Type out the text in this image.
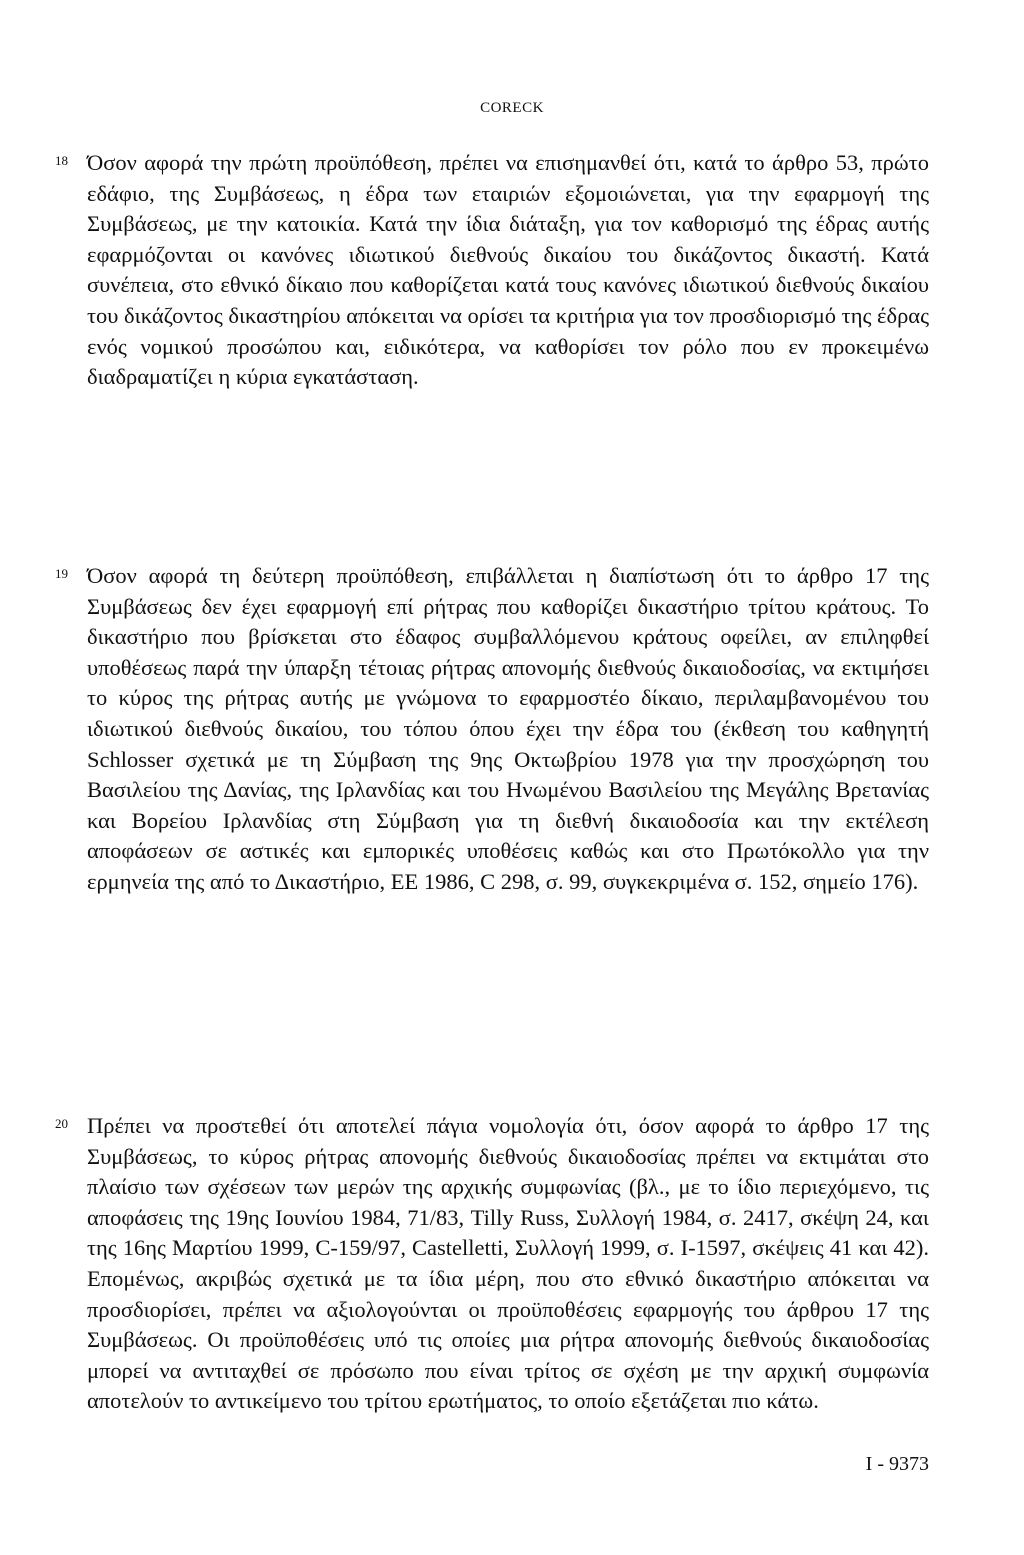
CORECK
18 Όσον αφορά την πρώτη προϋπόθεση, πρέπει να επισημανθεί ότι, κατά το άρθρο 53, πρώτο εδάφιο, της Συμβάσεως, η έδρα των εταιριών εξομοιώνεται, για την εφαρμογή της Συμβάσεως, με την κατοικία. Κατά την ίδια διάταξη, για τον καθορισμό της έδρας αυτής εφαρμόζονται οι κανόνες ιδιωτικού διεθνούς δικαίου του δικάζοντος δικαστή. Κατά συνέπεια, στο εθνικό δίκαιο που καθορίζεται κατά τους κανόνες ιδιωτικού διεθνούς δικαίου του δικάζοντος δικαστηρίου απόκειται να ορίσει τα κριτήρια για τον προσδιορισμό της έδρας ενός νομικού προσώπου και, ειδικότερα, να καθορίσει τον ρόλο που εν προκειμένω διαδραματίζει η κύρια εγκατάσταση.

19 Όσον αφορά τη δεύτερη προϋπόθεση, επιβάλλεται η διαπίστωση ότι το άρθρο 17 της Συμβάσεως δεν έχει εφαρμογή επί ρήτρας που καθορίζει δικαστήριο τρίτου κράτους. Το δικαστήριο που βρίσκεται στο έδαφος συμβαλλόμενου κράτους οφείλει, αν επιληφθεί υποθέσεως παρά την ύπαρξη τέτοιας ρήτρας απονομής διεθνούς δικαιοδοσίας, να εκτιμήσει το κύρος της ρήτρας αυτής με γνώμονα το εφαρμοστέο δίκαιο, περιλαμβανομένου του ιδιωτικού διεθνούς δικαίου, του τόπου όπου έχει την έδρα του (έκθεση του καθηγητή Schlosser σχετικά με τη Σύμβαση της 9ης Οκτωβρίου 1978 για την προσχώρηση του Βασιλείου της Δανίας, της Ιρλανδίας και του Ηνωμένου Βασιλείου της Μεγάλης Βρετανίας και Βορείου Ιρλανδίας στη Σύμβαση για τη διεθνή δικαιοδοσία και την εκτέλεση αποφάσεων σε αστικές και εμπορικές υποθέσεις καθώς και στο Πρωτόκολλο για την ερμηνεία της από το Δικαστήριο, ΕΕ 1986, C 298, σ. 99, συγκεκριμένα σ. 152, σημείο 176).

20 Πρέπει να προστεθεί ότι αποτελεί πάγια νομολογία ότι, όσον αφορά το άρθρο 17 της Συμβάσεως, το κύρος ρήτρας απονομής διεθνούς δικαιοδοσίας πρέπει να εκτιμάται στο πλαίσιο των σχέσεων των μερών της αρχικής συμφωνίας (βλ., με το ίδιο περιεχόμενο, τις αποφάσεις της 19ης Ιουνίου 1984, 71/83, Tilly Russ, Συλλογή 1984, σ. 2417, σκέψη 24, και της 16ης Μαρτίου 1999, C-159/97, Castelletti, Συλλογή 1999, σ. I-1597, σκέψεις 41 και 42). Επομένως, ακριβώς σχετικά με τα ίδια μέρη, που στο εθνικό δικαστήριο απόκειται να προσδιορίσει, πρέπει να αξιολογούνται οι προϋποθέσεις εφαρμογής του άρθρου 17 της Συμβάσεως. Οι προϋποθέσεις υπό τις οποίες μια ρήτρα απονομής διεθνούς δικαιοδοσίας μπορεί να αντιταχθεί σε πρόσωπο που είναι τρίτος σε σχέση με την αρχική συμφωνία αποτελούν το αντικείμενο του τρίτου ερωτήματος, το οποίο εξετάζεται πιο κάτω.

I - 9373
